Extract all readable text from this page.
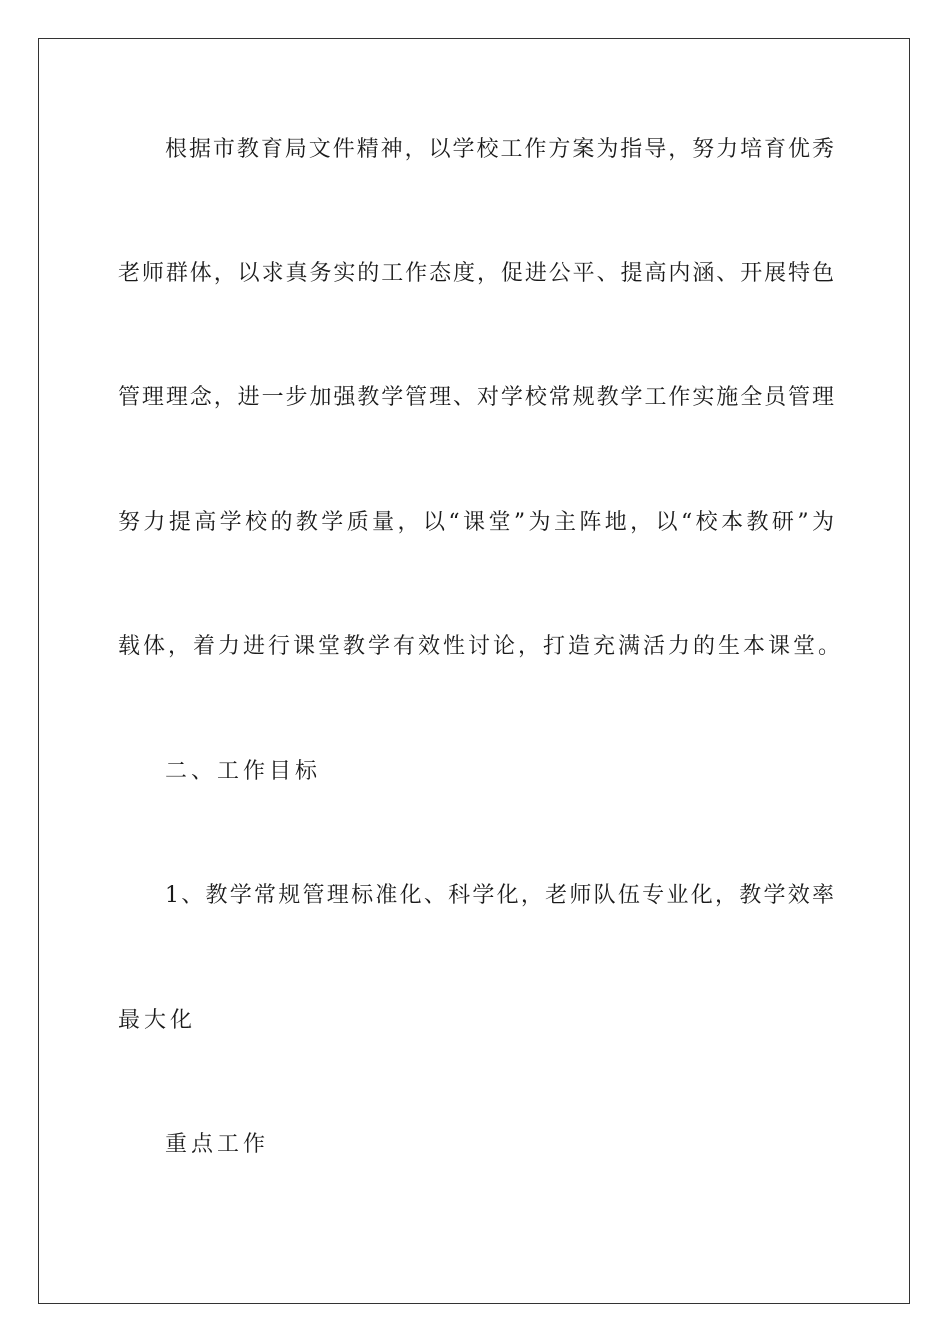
根据市教育局文件精神，以学校工作方案为指导，努力培育优秀
老师群体，以求真务实的工作态度，促进公平、提高内涵、开展特色
管理理念，进一步加强教学管理、对学校常规教学工作实施全员管理
努力提高学校的教学质量，以“课堂”为主阵地，以“校本教研”为
载体，着力进行课堂教学有效性讨论，打造充满活力的生本课堂。
二、工作目标
1、教学常规管理标准化、科学化，老师队伍专业化，教学效率
最大化
重点工作
